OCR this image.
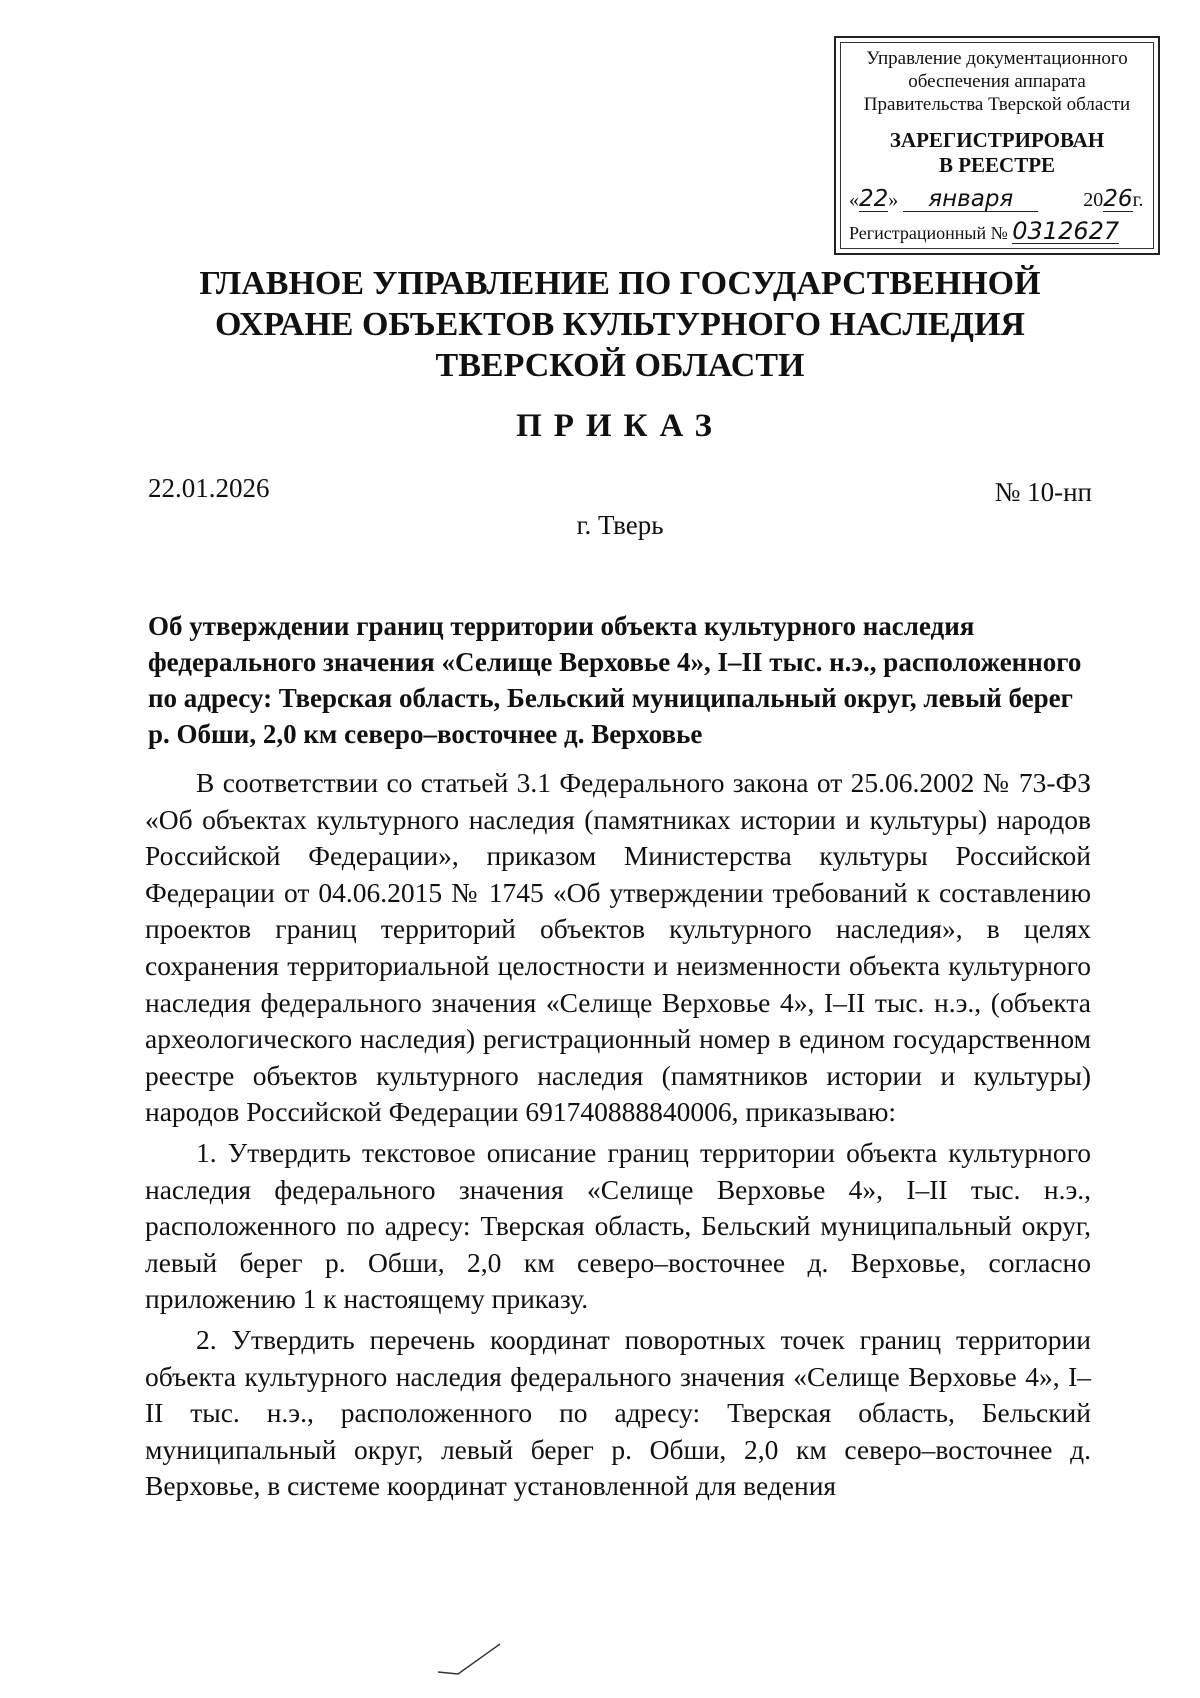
Управление документационного
обеспечения аппарата
Правительства Тверской области
ЗАРЕГИСТРИРОВАН
В РЕЕСТРЕ
«22» января	2026г.
Регистрационный № 0312627
ГЛАВНОЕ УПРАВЛЕНИЕ ПО ГОСУДАРСТВЕННОЙ
ОХРАНЕ ОБЪЕКТОВ КУЛЬТУРНОГО НАСЛЕДИЯ
ТВЕРСКОЙ ОБЛАСТИ
ПРИКАЗ
22.01.2026	№ 10-нп
г. Тверь
Об утверждении границ территории объекта культурного наследия федерального значения «Селище Верховье 4», I–II тыс. н.э., расположенного по адресу: Тверская область, Бельский муниципальный округ, левый берег р. Обши, 2,0 км северо–восточнее д. Верховье

В соответствии со статьей 3.1 Федерального закона от 25.06.2002 № 73-ФЗ «Об объектах культурного наследия (памятниках истории и культуры) народов Российской Федерации», приказом Министерства культуры Российской Федерации от 04.06.2015 № 1745 «Об утверждении требований к составлению проектов границ территорий объектов культурного наследия», в целях сохранения территориальной целостности и неизменности объекта культурного наследия федерального значения «Селище Верховье 4», I–II тыс. н.э., (объекта археологического наследия) регистрационный номер в едином государственном реестре объектов культурного наследия (памятников истории и культуры) народов Российской Федерации 691740888840006, приказываю:

1. Утвердить текстовое описание границ территории объекта культурного наследия федерального значения «Селище Верховье 4», I–II тыс. н.э., расположенного по адресу: Тверская область, Бельский муниципальный округ, левый берег р. Обши, 2,0 км северо–восточнее д. Верховье, согласно приложению 1 к настоящему приказу.

2. Утвердить перечень координат поворотных точек границ территории объекта культурного наследия федерального значения «Селище Верховье 4», I–II тыс. н.э., расположенного по адресу: Тверская область, Бельский муниципальный округ, левый берег р. Обши, 2,0 км северо–восточнее д. Верховье, в системе координат установленной для ведения
